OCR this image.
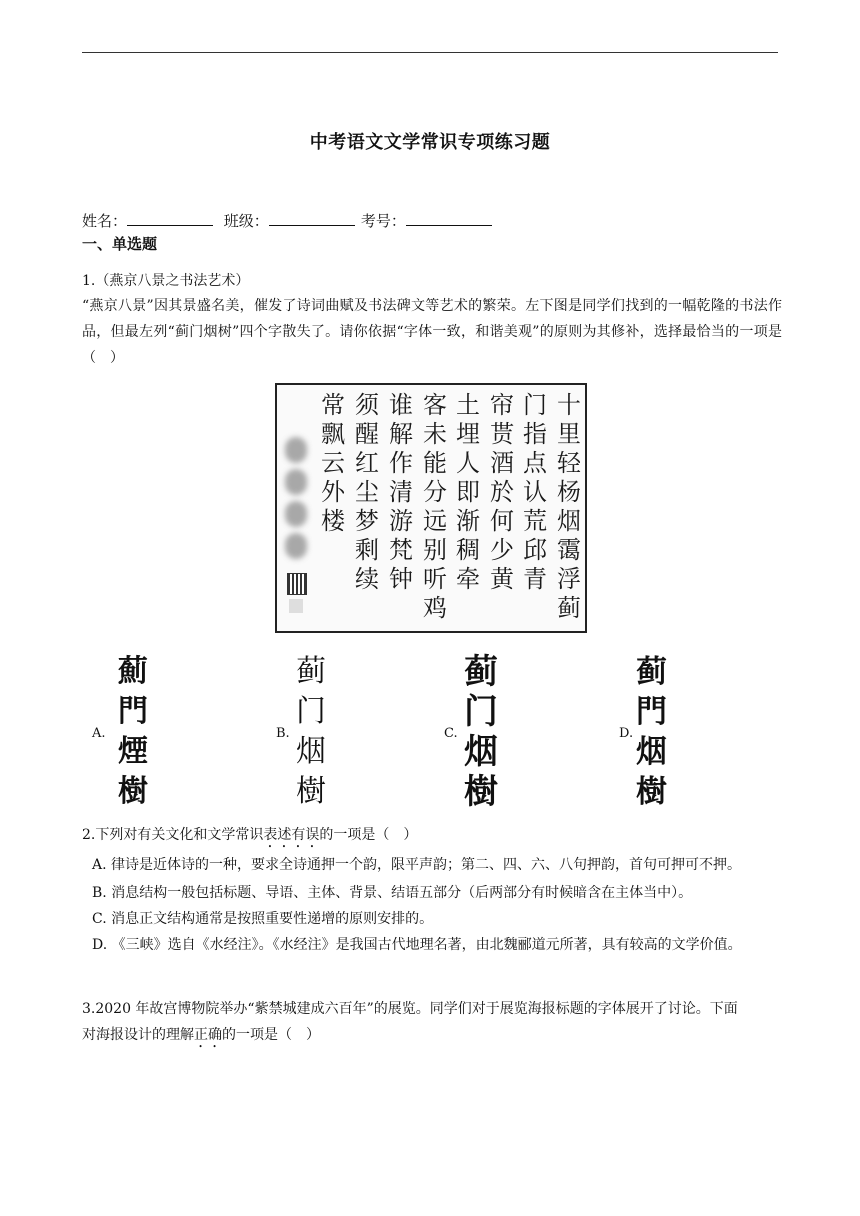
中考语文文学常识专项练习题
姓名：	班级：	考号：
一、单选题
1.（燕京八景之书法艺术）
“燕京八景”因其景盛名美，催发了诗词曲赋及书法碑文等艺术的繁荣。左下图是同学们找到的一幅乾隆的书法作品，但最左列“蓟门烟树”四个字散失了。请你依据“字体一致，和谐美观”的原则为其修补，选择最恰当的一项是（　）
十
里
轻
杨
烟
霭
浮
蓟
门
指
点
认
荒
邱
青
帘
贳
酒
於
何
少
黄
土
埋
人
即
渐
稠
牵
客
未
能
分
远
别
听
鸡
谁
解
作
清
游
梵
钟
须
醒
红
尘
梦
剩
续
常
飘
云
外
楼
A.
薊
門
煙
樹
B.
蓟
门
烟
樹
C.
蓟
门
烟
樹
D.
蓟
門
烟
樹
2.下列对有关文化和文学常识表述有误的一项是（　）
A. 律诗是近体诗的一种，要求全诗通押一个韵，限平声韵；第二、四、六、八句押韵，首句可押可不押。
B. 消息结构一般包括标题、导语、主体、背景、结语五部分（后两部分有时候暗含在主体当中）。
C. 消息正文结构通常是按照重要性递增的原则安排的。
D. 《三峡》选自《水经注》。《水经注》是我国古代地理名著，由北魏郦道元所著，具有较高的文学价值。
3.2020 年故宫博物院举办“紫禁城建成六百年”的展览。同学们对于展览海报标题的字体展开了讨论。下面
对海报设计的理解正确的一项是（　）
